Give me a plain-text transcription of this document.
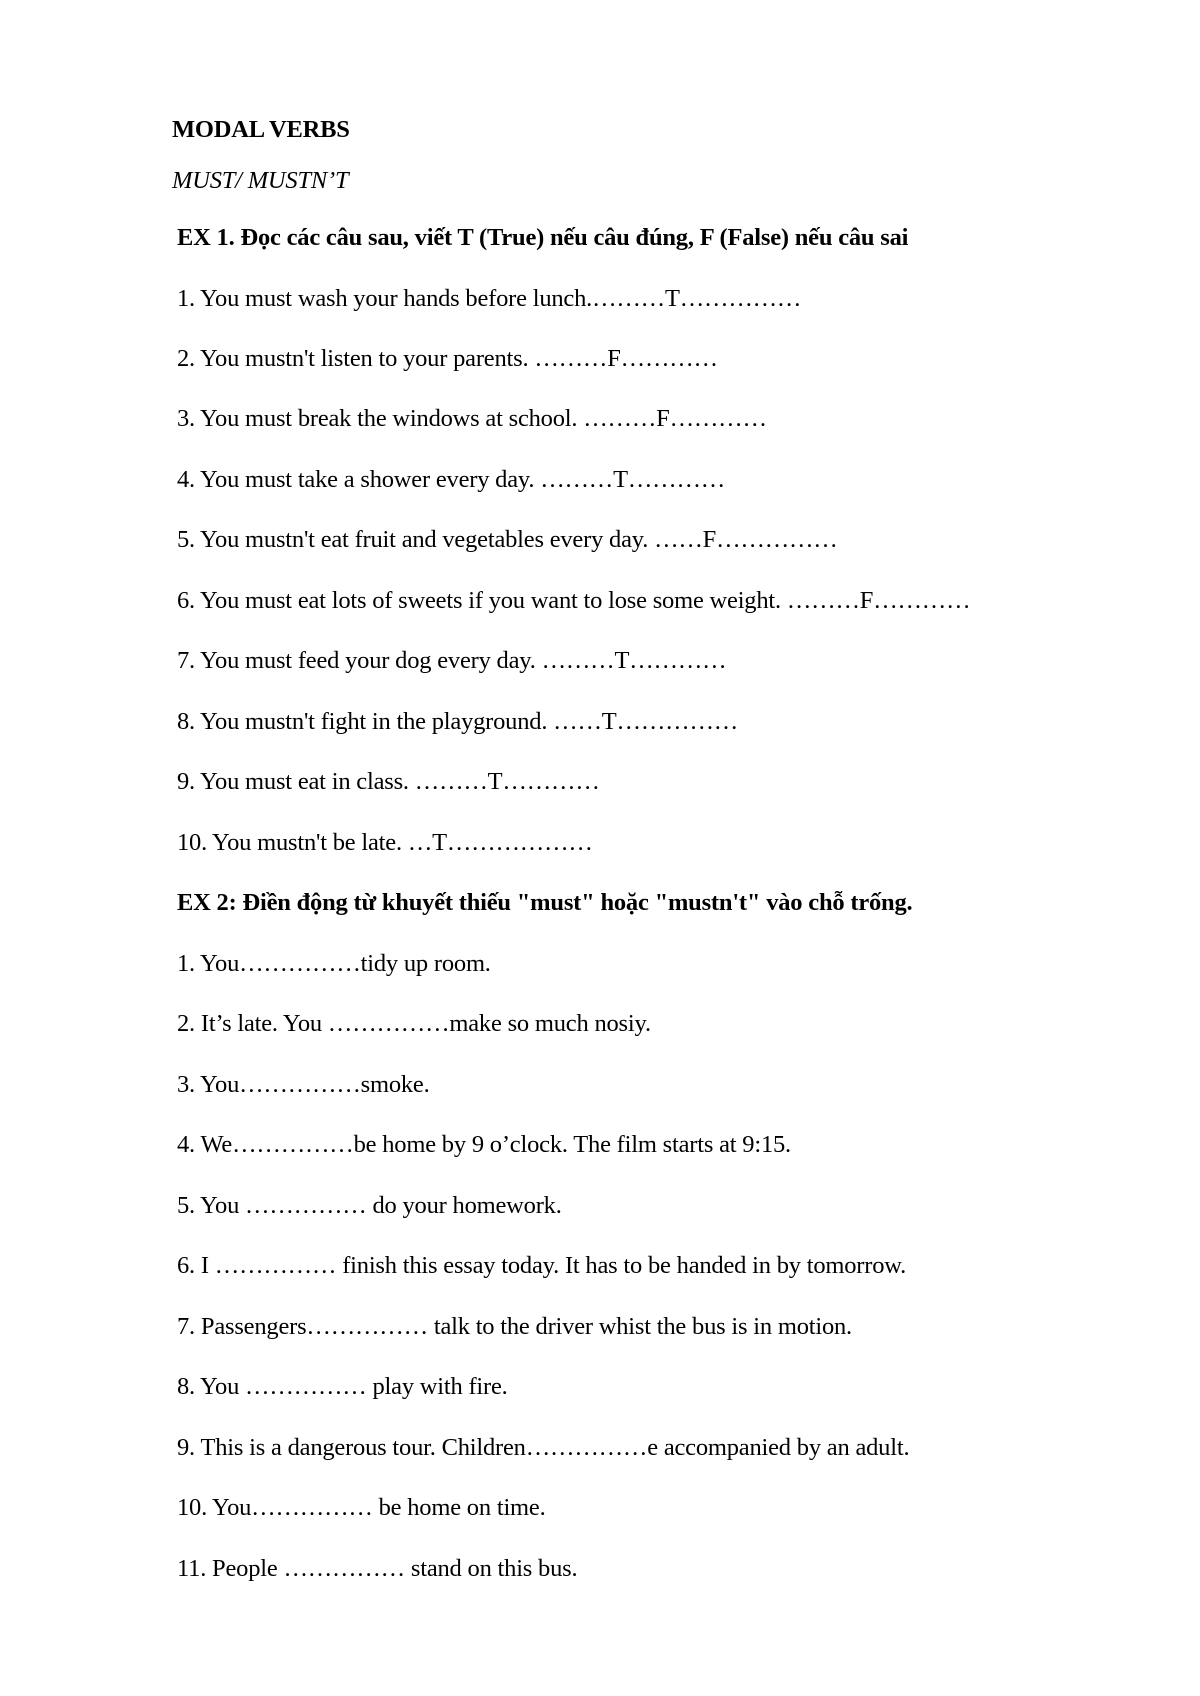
MODAL VERBS
MUST/ MUSTN’T
EX 1. Đọc các câu sau, viết T (True) nếu câu đúng, F (False) nếu câu sai
1. You must wash your hands before lunch.………T……………
2. You mustn't listen to your parents. ………F…………
3. You must break the windows at school. ………F…………
4. You must take a shower every day. ………T…………
5. You mustn't eat fruit and vegetables every day. ……F……………
6. You must eat lots of sweets if you want to lose some weight. ………F…………
7. You must feed your dog every day. ………T…………
8. You mustn't fight in the playground. ……T……………
9. You must eat in class. ………T…………
10. You mustn't be late. …T………………
EX 2: Điền động từ khuyết thiếu "must" hoặc "mustn't" vào chỗ trống.
1. You……………tidy up room.
2. It’s late. You ……………make so much nosiy.
3. You……………smoke.
4. We……………be home by 9 o’clock. The film starts at 9:15.
5. You …………… do your homework.
6. I …………… finish this essay today. It has to be handed in by tomorrow.
7. Passengers…………… talk to the driver whist the bus is in motion.
8. You …………… play with fire.
9. This is a dangerous tour. Children……………e accompanied by an adult.
10. You…………… be home on time.
11. People …………… stand on this bus.
